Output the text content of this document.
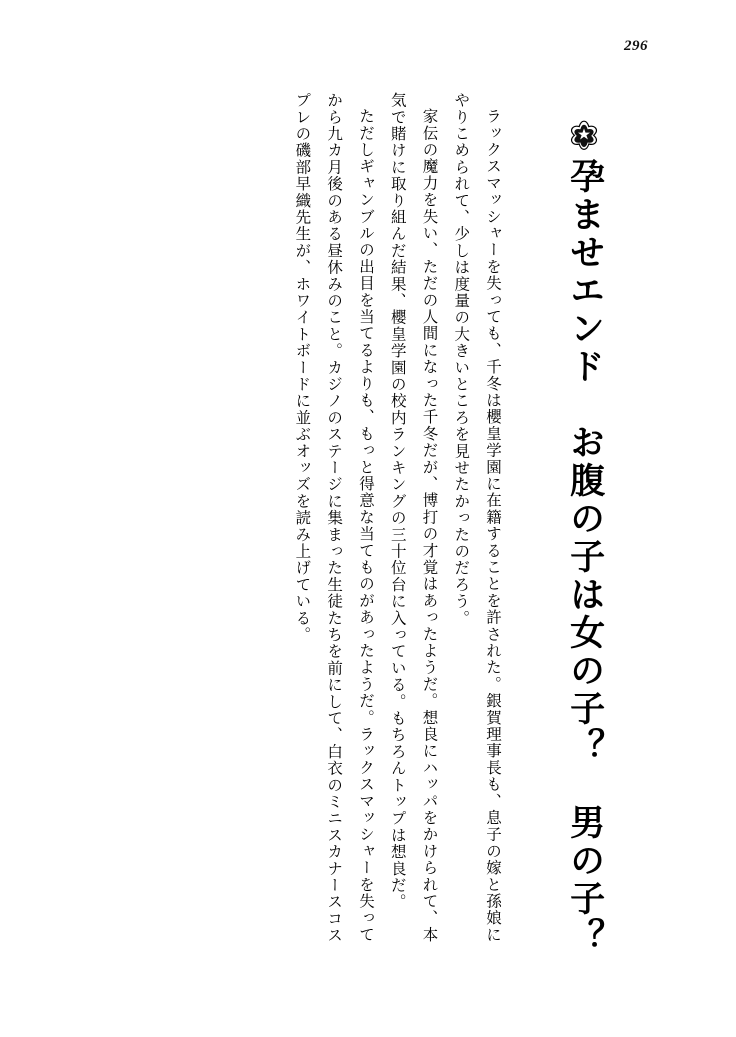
296
孕ませエンド　お腹の子は女の子？　男の子？

ラックスマッシャーを失っても、千冬は櫻皇学園に在籍することを許された。銀賀理事長も、息子の嫁と孫娘にやりこめられて、少しは度量の大きいところを見せたかったのだろう。

家伝の魔力を失い、ただの人間になった千冬だが、博打の才覚はあったようだ。想良にハッパをかけられて、本気で賭けに取り組んだ結果、櫻皇学園の校内ランキングの三十位台に入っている。もちろんトップは想良だ。

ただしギャンブルの出目を当てるよりも、もっと得意な当てものがあったようだ。ラックスマッシャーを失ってから九カ月後のある昼休みのこと。カジノのステージに集まった生徒たちを前にして、白衣のミニスカナースコスプレの磯部早織先生が、ホワイトボードに並ぶオッズを読み上げている。
